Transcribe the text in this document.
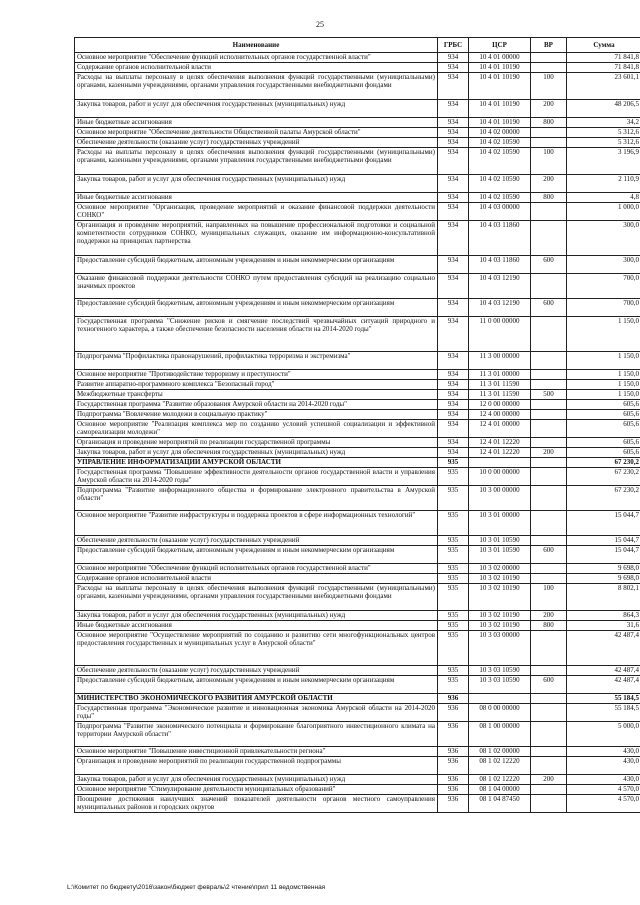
25
Наименование	ГРБС	ЦСР	ВР	Сумма
Основное мероприятие "Обеспечение функций исполнительных органов государственной власти"	934	10 4 01 00000		71 841,8
Содержание органов исполнительной власти	934	10 4 01 10190		71 841,8
Расходы на выплаты персоналу в целях обеспечения выполнения функций государственными (муниципальными) органами, казенными учреждениями, органами управления государственными внебюджетными фондами	934	10 4 01 10190	100	23 601,1
Закупка товаров, работ и услуг для обеспечения государственных (муниципальных) нужд	934	10 4 01 10190	200	48 206,5
Иные бюджетные ассигнования	934	10 4 01 10190	800	34,2
Основное мероприятие "Обеспечение деятельности Общественной палаты Амурской области"	934	10 4 02 00000		5 312,6
Обеспечение деятельности (оказание услуг) государственных учреждений	934	10 4 02 10590		5 312,6
Расходы на выплаты персоналу в целях обеспечения выполнения функций государственными (муниципальными) органами, казенными учреждениями, органами управления государственными внебюджетными фондами	934	10 4 02 10590	100	3 196,9
Закупка товаров, работ и услуг для обеспечения государственных (муниципальных) нужд	934	10 4 02 10590	200	2 110,9
Иные бюджетные ассигнования	934	10 4 02 10590	800	4,8
Основное мероприятие "Организация, проведение мероприятий и оказание финансовой поддержки деятельности СОНКО"	934	10 4 03 00000		1 000,0
Организация и проведение мероприятий, направленных на повышение профессиональной подготовки и социальной компетентности сотрудников СОНКО, муниципальных служащих, оказание им информационно-консультативной поддержки на принципах партнерства	934	10 4 03 11860		300,0
Предоставление субсидий бюджетным, автономным учреждениям и иным некоммерческим организациям	934	10 4 03 11860	600	300,0
Оказание финансовой поддержки деятельности СОНКО путем предоставления субсидий на реализацию социально значимых проектов	934	10 4 03 12190		700,0
Предоставление субсидий бюджетным, автономным учреждениям и иным некоммерческим организациям	934	10 4 03 12190	600	700,0
Государственная программа "Снижение рисков и смягчение последствий чрезвычайных ситуаций природного и техногенного характера, а также обеспечение безопасности населения области на 2014-2020 годы"	934	11 0 00 00000		1 150,0
Подпрограмма "Профилактика правонарушений, профилактика терроризма и экстремизма"	934	11 3 00 00000		1 150,0
Основное мероприятие "Противодействие терроризму и преступности"	934	11 3 01 00000		1 150,0
Развитие аппаратно-программного комплекса "Безопасный город"	934	11 3 01 11590		1 150,0
Межбюджетные трансферты	934	11 3 01 11590	500	1 150,0
Государственная программа "Развитие образования Амурской области на 2014-2020 годы"	934	12 0 00 00000		605,6
Подпрограмма "Вовлечение молодежи в социальную практику"	934	12 4 00 00000		605,6
Основное мероприятие "Реализация комплекса мер по созданию условий успешной социализации и эффективной самореализации молодежи"	934	12 4 01 00000		605,6
Организация и проведение мероприятий по реализации государственной программы	934	12 4 01 12220		605,6
Закупка товаров, работ и услуг для обеспечения государственных (муниципальных) нужд	934	12 4 01 12220	200	605,6
УПРАВЛЕНИЕ ИНФОРМАТИЗАЦИИ АМУРСКОЙ ОБЛАСТИ	935			67 230,2
Государственная программа "Повышение эффективности деятельности органов государственной власти и управления Амурской области на 2014-2020 годы"	935	10 0 00 00000		67 230,2
Подпрограмма "Развитие информационного общества и формирование электронного правительства в Амурской области"	935	10 3 00 00000		67 230,2
Основное мероприятие "Развитие инфраструктуры и поддержка проектов в сфере информационных технологий"	935	10 3 01 00000		15 044,7
Обеспечение деятельности (оказание услуг) государственных учреждений	935	10 3 01 10590		15 044,7
Предоставление субсидий бюджетным, автономным учреждениям и иным некоммерческим организациям	935	10 3 01 10590	600	15 044,7
Основное мероприятие "Обеспечение функций исполнительных органов государственной власти"	935	10 3 02 00000		9 698,0
Содержание органов исполнительной власти	935	10 3 02 10190		9 698,0
Расходы на выплаты персоналу в целях обеспечения выполнения функций государственными (муниципальными) органами, казенными учреждениями, органами управления государственными внебюджетными фондами	935	10 3 02 10190	100	8 802,1
Закупка товаров, работ и услуг для обеспечения государственных (муниципальных) нужд	935	10 3 02 10190	200	864,3
Иные бюджетные ассигнования	935	10 3 02 10190	800	31,6
Основное мероприятие "Осуществление мероприятий по созданию и развитию сети многофункциональных центров предоставления государственных и муниципальных услуг в Амурской области"	935	10 3 03 00000		42 487,4
Обеспечение деятельности (оказание услуг) государственных учреждений	935	10 3 03 10590		42 487,4
Предоставление субсидий бюджетным, автономным учреждениям и иным некоммерческим организациям	935	10 3 03 10590	600	42 487,4
МИНИСТЕРСТВО ЭКОНОМИЧЕСКОГО РАЗВИТИЯ АМУРСКОЙ ОБЛАСТИ	936			55 184,5
Государственная программа "Экономическое развитие и инновационная экономика Амурской области на 2014-2020 годы"	936	08 0 00 00000		55 184,5
Подпрограмма "Развитие экономического потенциала и формирование благоприятного инвестиционного климата на территории Амурской области"	936	08 1 00 00000		5 000,0
Основное мероприятие "Повышение инвестиционной привлекательности региона"	936	08 1 02 00000		430,0
Организация и проведение мероприятий по реализации государственной подпрограммы	936	08 1 02 12220		430,0
Закупка товаров, работ и услуг для обеспечения государственных (муниципальных) нужд	936	08 1 02 12220	200	430,0
Основное мероприятие "Стимулирование деятельности муниципальных образований"	936	08 1 04 00000		4 570,0
Поощрение достижения наилучших значений показателей деятельности органов местного самоуправления муниципальных районов и городских округов	936	08 1 04 87450		4 570,0
L:\Комитет по бюджету\2016\закон\бюджет февраль\2 чтение\прил 11 ведомственная
